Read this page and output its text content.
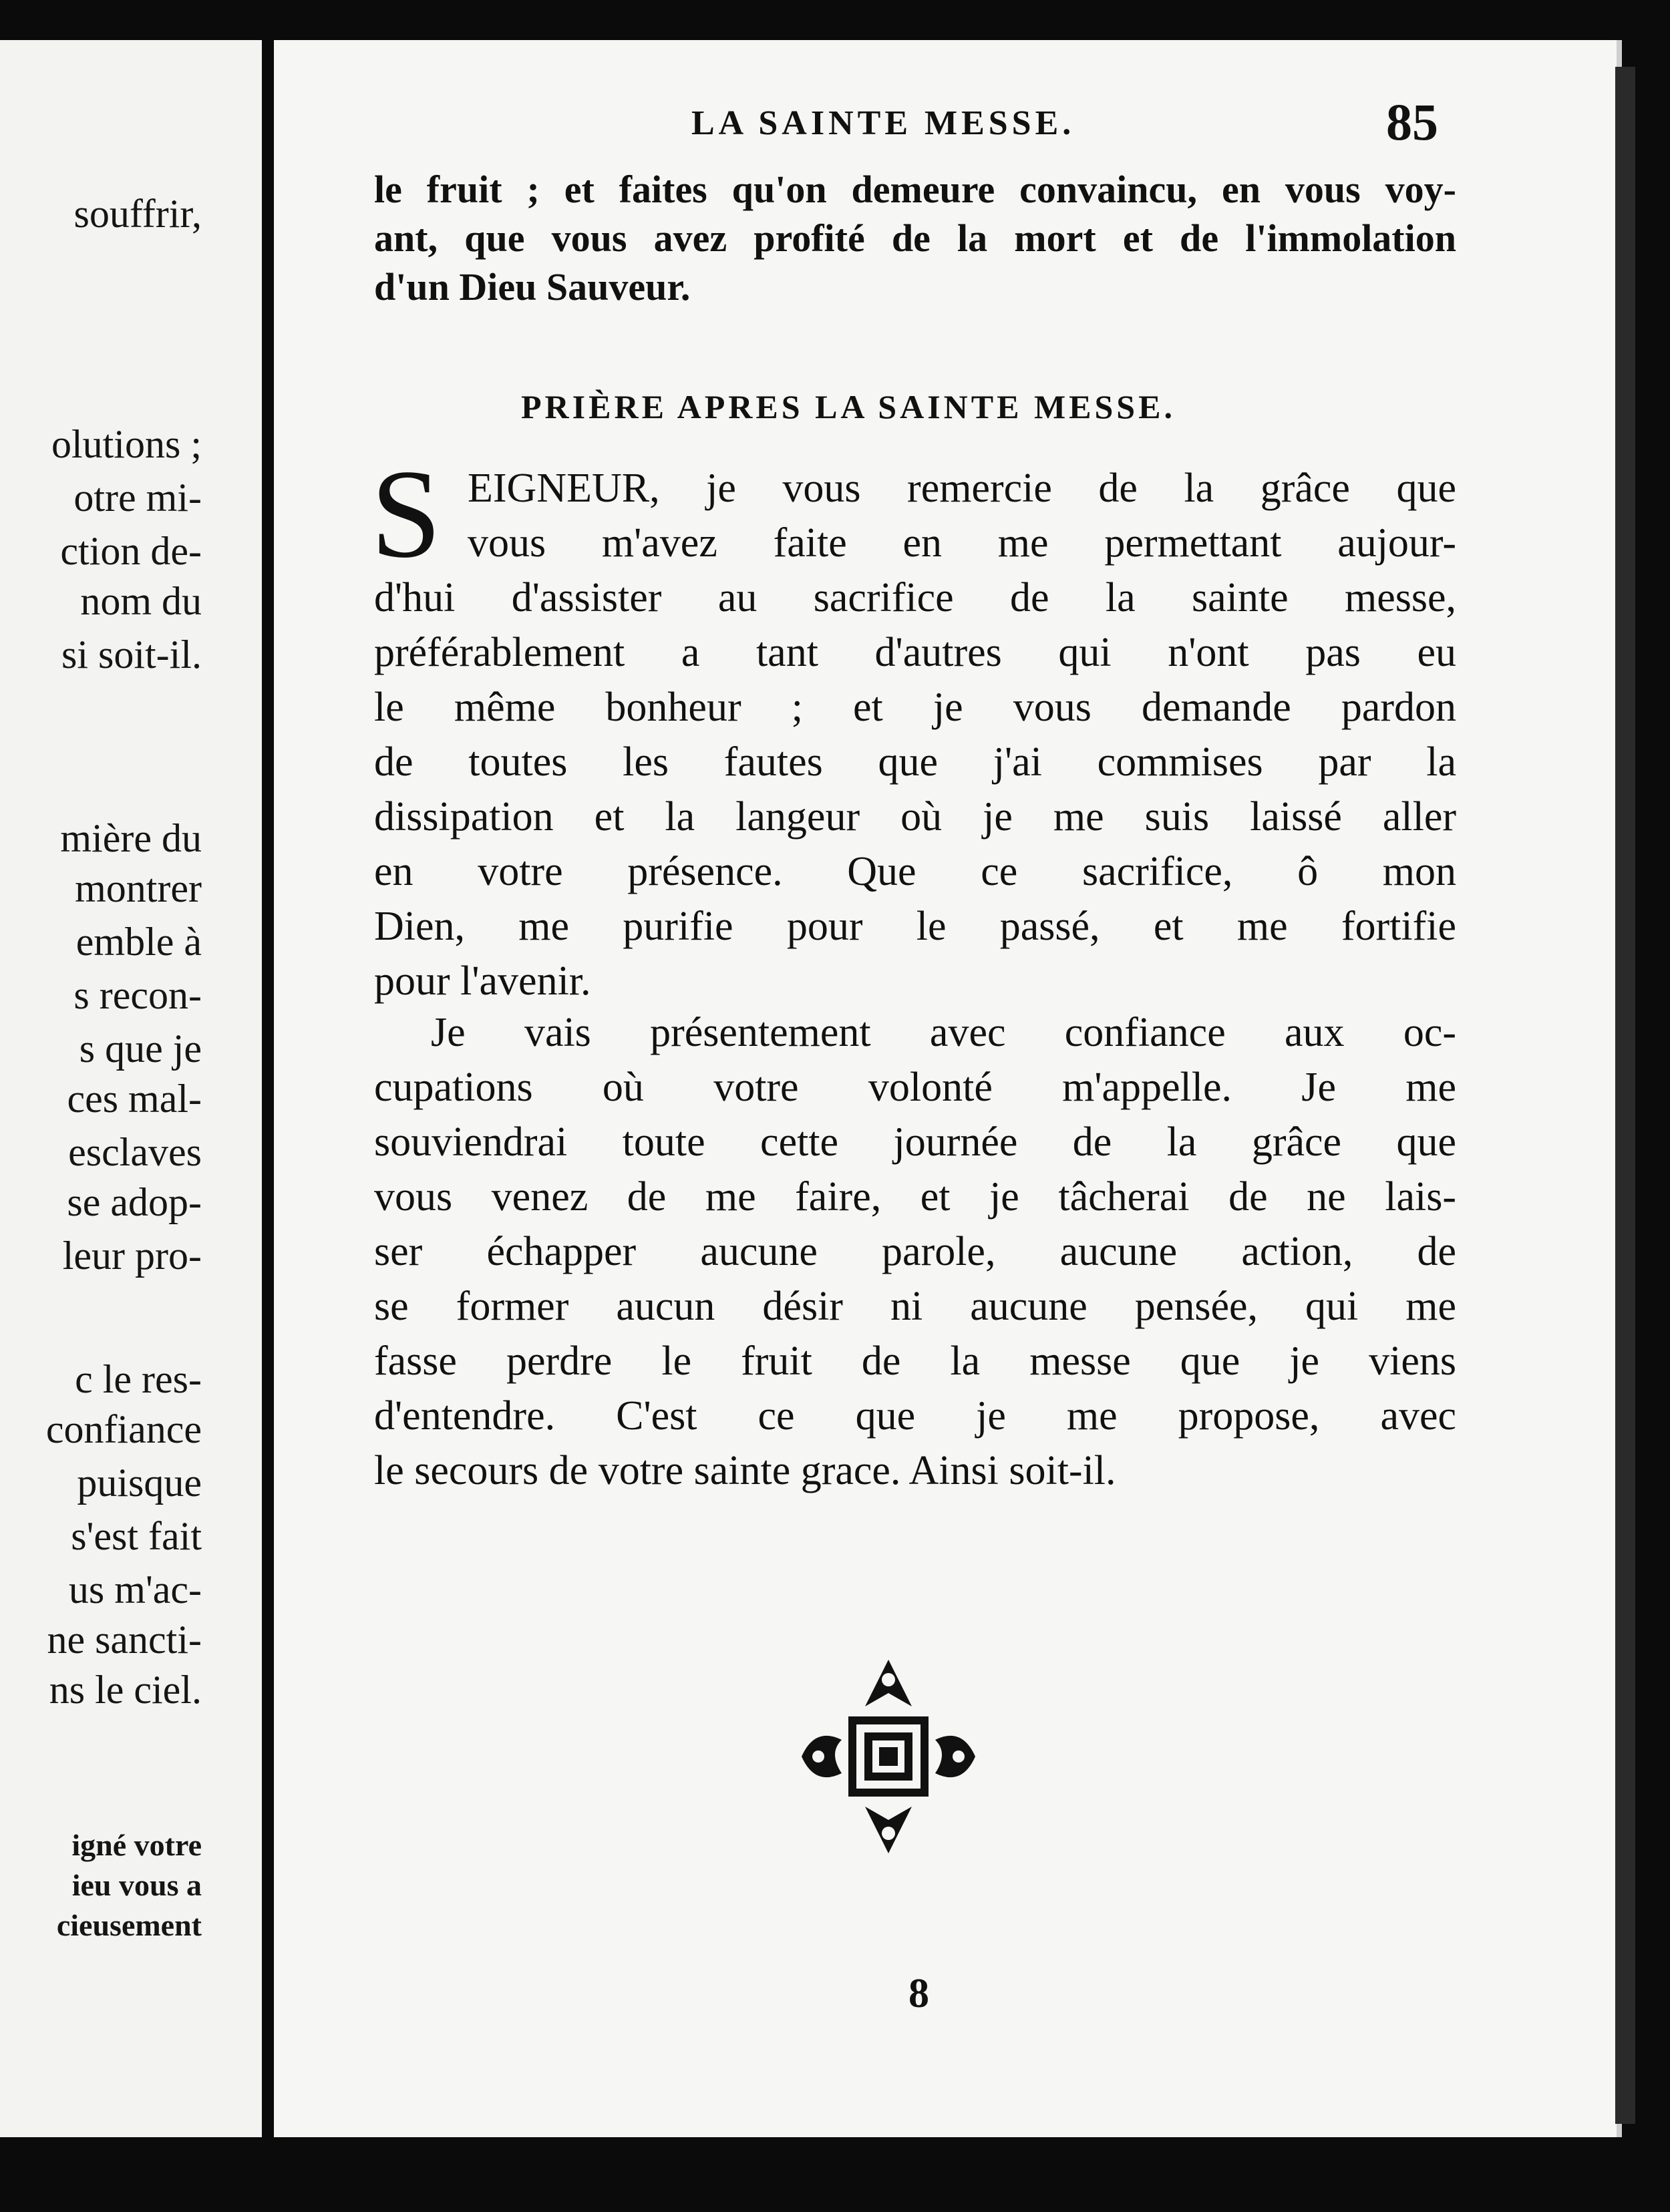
souffrir,
olutions ;
otre mi-
ction de-
nom du
si soit-il.
mière du
montrer
emble à
s recon-
s que je
ces mal-
esclaves
se adop-
leur pro-
c le res-
confiance
puisque
s'est fait
us m'ac-
ne sancti-
ns le ciel.
igné votre
ieu vous a
cieusement
LA SAINTE MESSE.	85
le fruit ; et faites qu'on demeure convaincu, en vous voy-
ant, que vous avez profité de la mort et de l'immolation
d'un Dieu Sauveur.
PRIÈRE APRES LA SAINTE MESSE.
S EIGNEUR, je vous remercie de la grâce que
vous m'avez faite en me permettant aujour-
d'hui d'assister au sacrifice de la sainte messe,
préférablement a tant d'autres qui n'ont pas eu
le même bonheur ; et je vous demande pardon
de toutes les fautes que j'ai commises par la
dissipation et la langeur où je me suis laissé aller
en votre présence. Que ce sacrifice, ô mon
Dien, me purifie pour le passé, et me fortifie
pour l'avenir.
Je vais présentement avec confiance aux oc-
cupations où votre volonté m'appelle. Je me
souviendrai toute cette journée de la grâce que
vous venez de me faire, et je tâcherai de ne lais-
ser échapper aucune parole, aucune action, de
se former aucun désir ni aucune pensée, qui me
fasse perdre le fruit de la messe que je viens
d'entendre. C'est ce que je me propose, avec
le secours de votre sainte grace. Ainsi soit-il.
8
